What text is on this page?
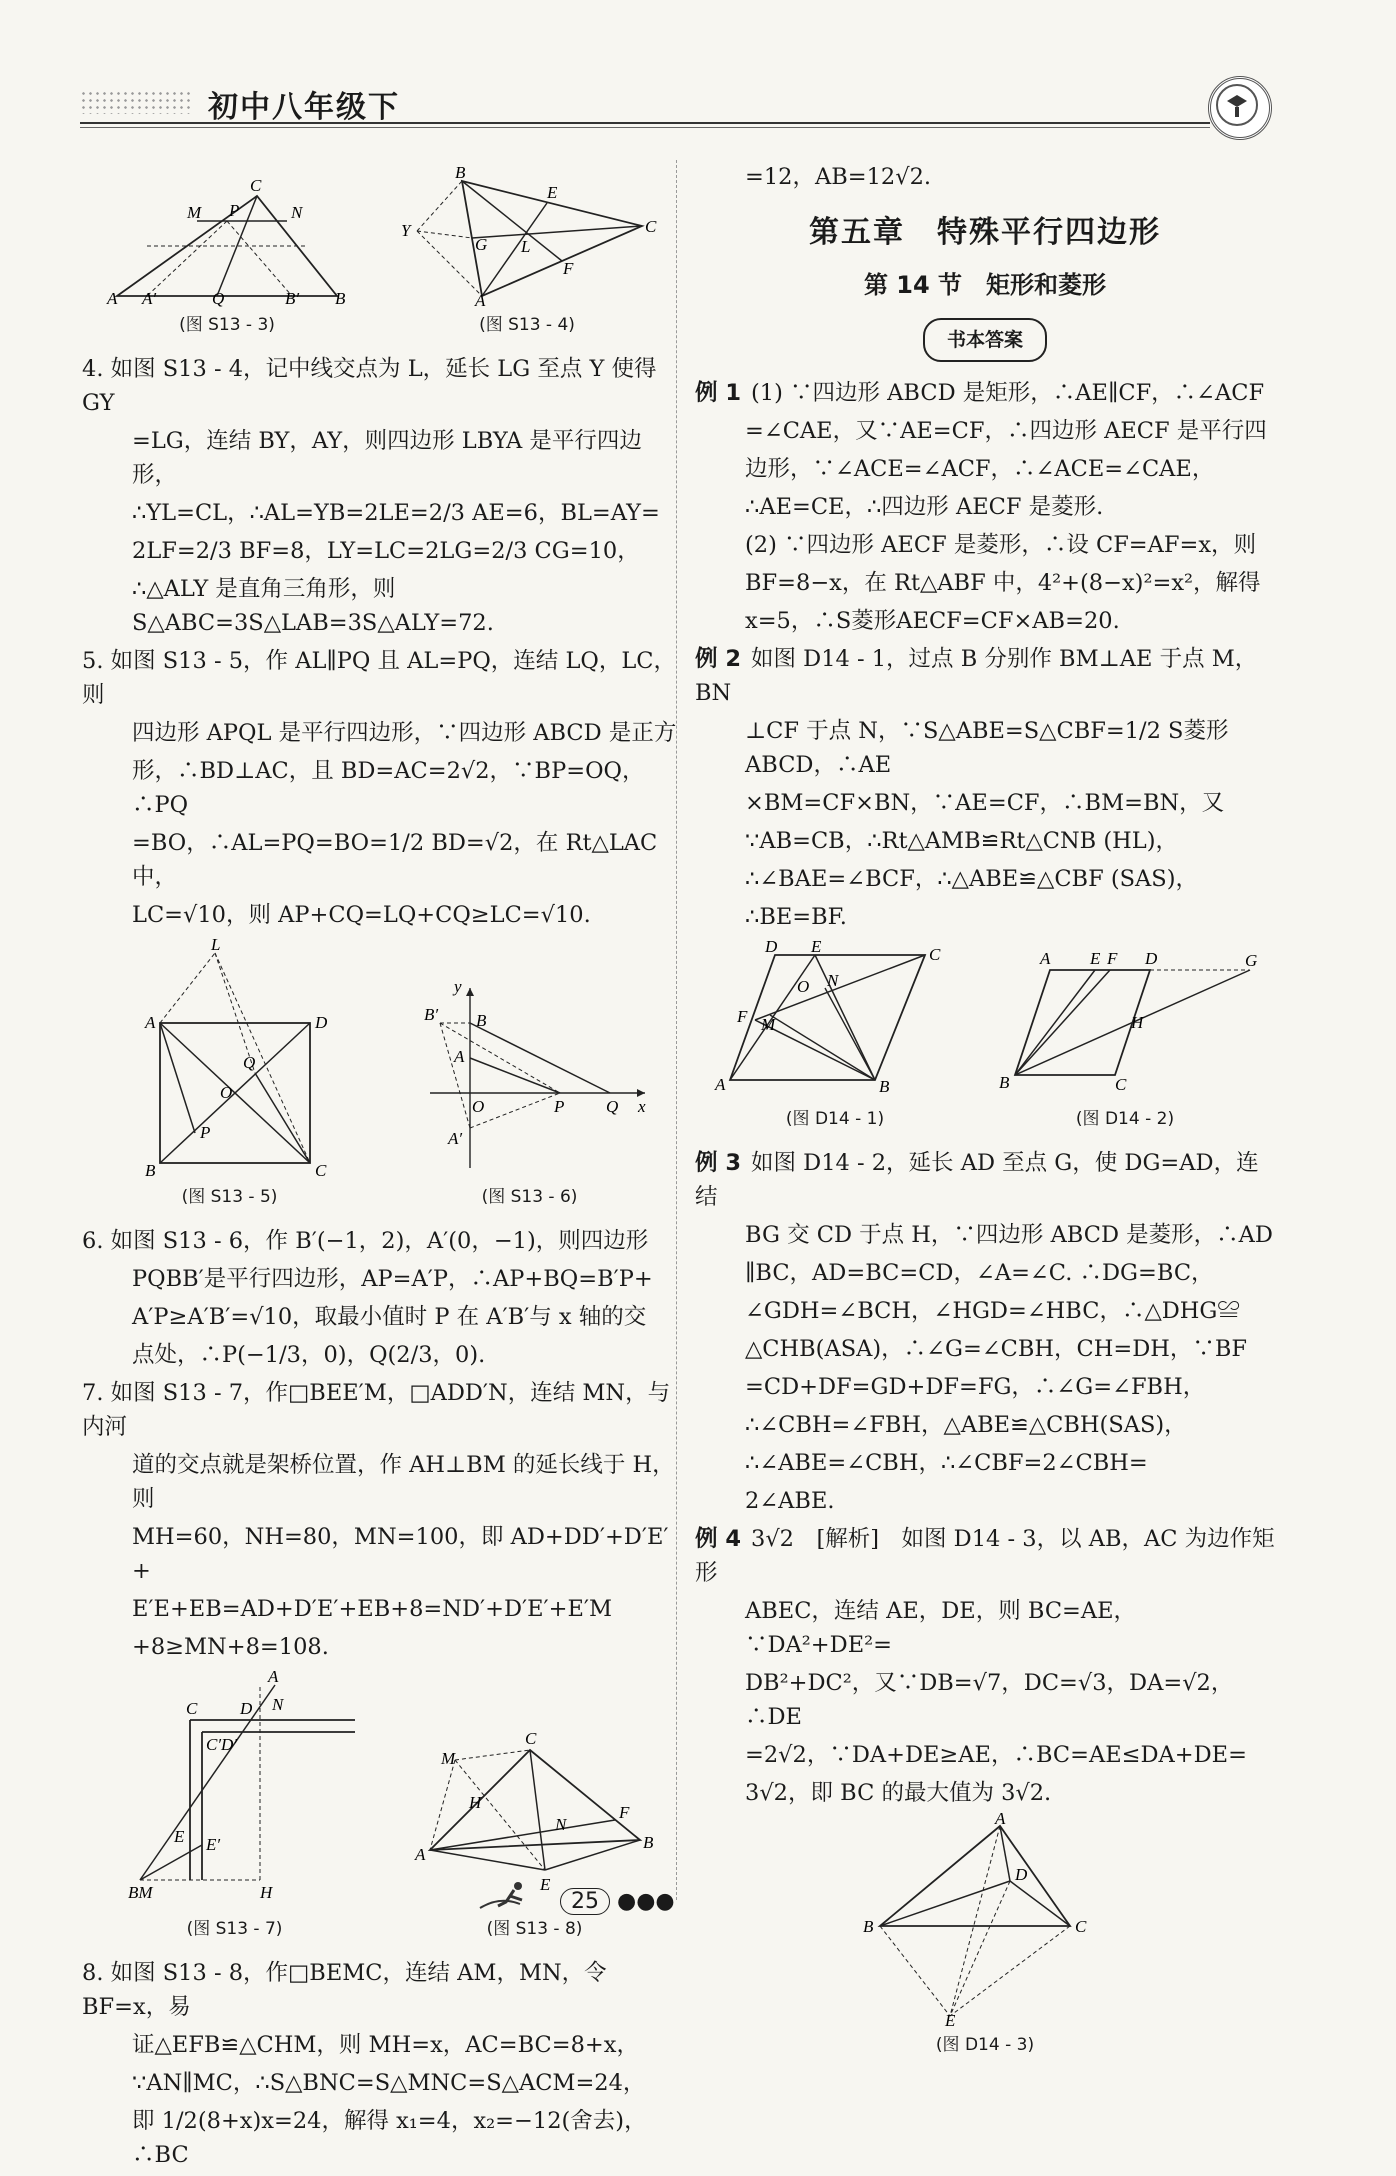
初中八年级下
C
M P	N
A A′	Q	B′ B
(图 S13 - 3)
B
E
C
Y
G L
F
A
(图 S13 - 4)

4. 如图 S13 - 4，记中线交点为 L，延长 LG 至点 Y 使得 GY

=LG，连结 BY，AY，则四边形 LBYA 是平行四边形，

∴YL=CL，∴AL=YB=2LE=2/3 AE=6，BL=AY=

2LF=2/3 BF=8，LY=LC=2LG=2/3 CG=10，

∴△ALY 是直角三角形，则 S△ABC=3S△LAB=3S△ALY=72.

5. 如图 S13 - 5，作 AL∥PQ 且 AL=PQ，连结 LQ，LC，则

四边形 APQL 是平行四边形，∵四边形 ABCD 是正方

形，∴BD⊥AC，且 BD=AC=2√2，∵BP=OQ，∴PQ

=BO，∴AL=PQ=BO=1/2 BD=√2，在 Rt△LAC 中，

LC=√10，则 AP+CQ=LQ+CQ≥LC=√10.

L
A	D
Q
O
P
B	C
(图 S13 - 5)
y
x
B′ B
A
O	P Q
A′
(图 S13 - 6)

6. 如图 S13 - 6，作 B′(−1，2)，A′(0，−1)，则四边形

PQBB′是平行四边形，AP=A′P，∴AP+BQ=B′P+

A′P≥A′B′=√10，取最小值时 P 在 A′B′与 x 轴的交

点处，∴P(−1/3，0)，Q(2/3，0).

7. 如图 S13 - 7，作□BEE′M，□ADD′N，连结 MN，与内河

道的交点就是架桥位置，作 AH⊥BM 的延长线于 H，则

MH=60，NH=80，MN=100，即 AD+DD′+D′E′+

E′E+EB=AD+D′E′+EB+8=ND′+D′E′+E′M

+8≥MN+8=108.

A
N
C	D
C′D′
E E′
BM	H
(图 S13 - 7)
C
M
H
N
F
A
B
E
(图 S13 - 8)

8. 如图 S13 - 8，作□BEMC，连结 AM，MN，令 BF=x，易

证△EFB≌△CHM，则 MH=x，AC=BC=8+x，

∵AN∥MC，∴S△BNC=S△MNC=S△ACM=24，

即 1/2(8+x)x=24，解得 x₁=4，x₂=−12(舍去)，∴BC

=12，AB=12√2.

第五章　特殊平行四边形
第 14 节　矩形和菱形
书本答案

例 1 (1) ∵四边形 ABCD 是矩形，∴AE∥CF，∴∠ACF

=∠CAE，又∵AE=CF，∴四边形 AECF 是平行四

边形，∵∠ACE=∠ACF，∴∠ACE=∠CAE，

∴AE=CE，∴四边形 AECF 是菱形.

(2) ∵四边形 AECF 是菱形，∴设 CF=AF=x，则

BF=8−x，在 Rt△ABF 中，4²+(8−x)²=x²，解得

x=5，∴S菱形AECF=CF×AB=20.

例 2 如图 D14 - 1，过点 B 分别作 BM⊥AE 于点 M，BN

⊥CF 于点 N，∵S△ABE=S△CBF=1/2 S菱形ABCD，∴AE

×BM=CF×BN，∵AE=CF，∴BM=BN，又

∵AB=CB，∴Rt△AMB≌Rt△CNB (HL)，

∴∠BAE=∠BCF，∴△ABE≌△CBF (SAS)，

∴BE=BF.

D E	C
O N
F M
A	B
(图 D14 - 1)
A E F D	G
H
B	C
(图 D14 - 2)

例 3 如图 D14 - 2，延长 AD 至点 G，使 DG=AD，连结

BG 交 CD 于点 H，∵四边形 ABCD 是菱形，∴AD

∥BC，AD=BC=CD，∠A=∠C. ∴DG=BC，

∠GDH=∠BCH，∠HGD=∠HBC，∴△DHG≌

△CHB(ASA)，∴∠G=∠CBH，CH=DH，∵BF

=CD+DF=GD+DF=FG，∴∠G=∠FBH，

∴∠CBH=∠FBH，△ABE≌△CBH(SAS)，

∴∠ABE=∠CBH，∴∠CBF=2∠CBH=

2∠ABE.

例 4 3√2　[解析]　如图 D14 - 3，以 AB，AC 为边作矩形

ABEC，连结 AE，DE，则 BC=AE，∵DA²+DE²=

DB²+DC²，又∵DB=√7，DC=√3，DA=√2，∴DE

=2√2，∵DA+DE≥AE，∴BC=AE≤DA+DE=

3√2，即 BC 的最大值为 3√2.

A
D
B	C
E
(图 D14 - 3)
25 ●●●
